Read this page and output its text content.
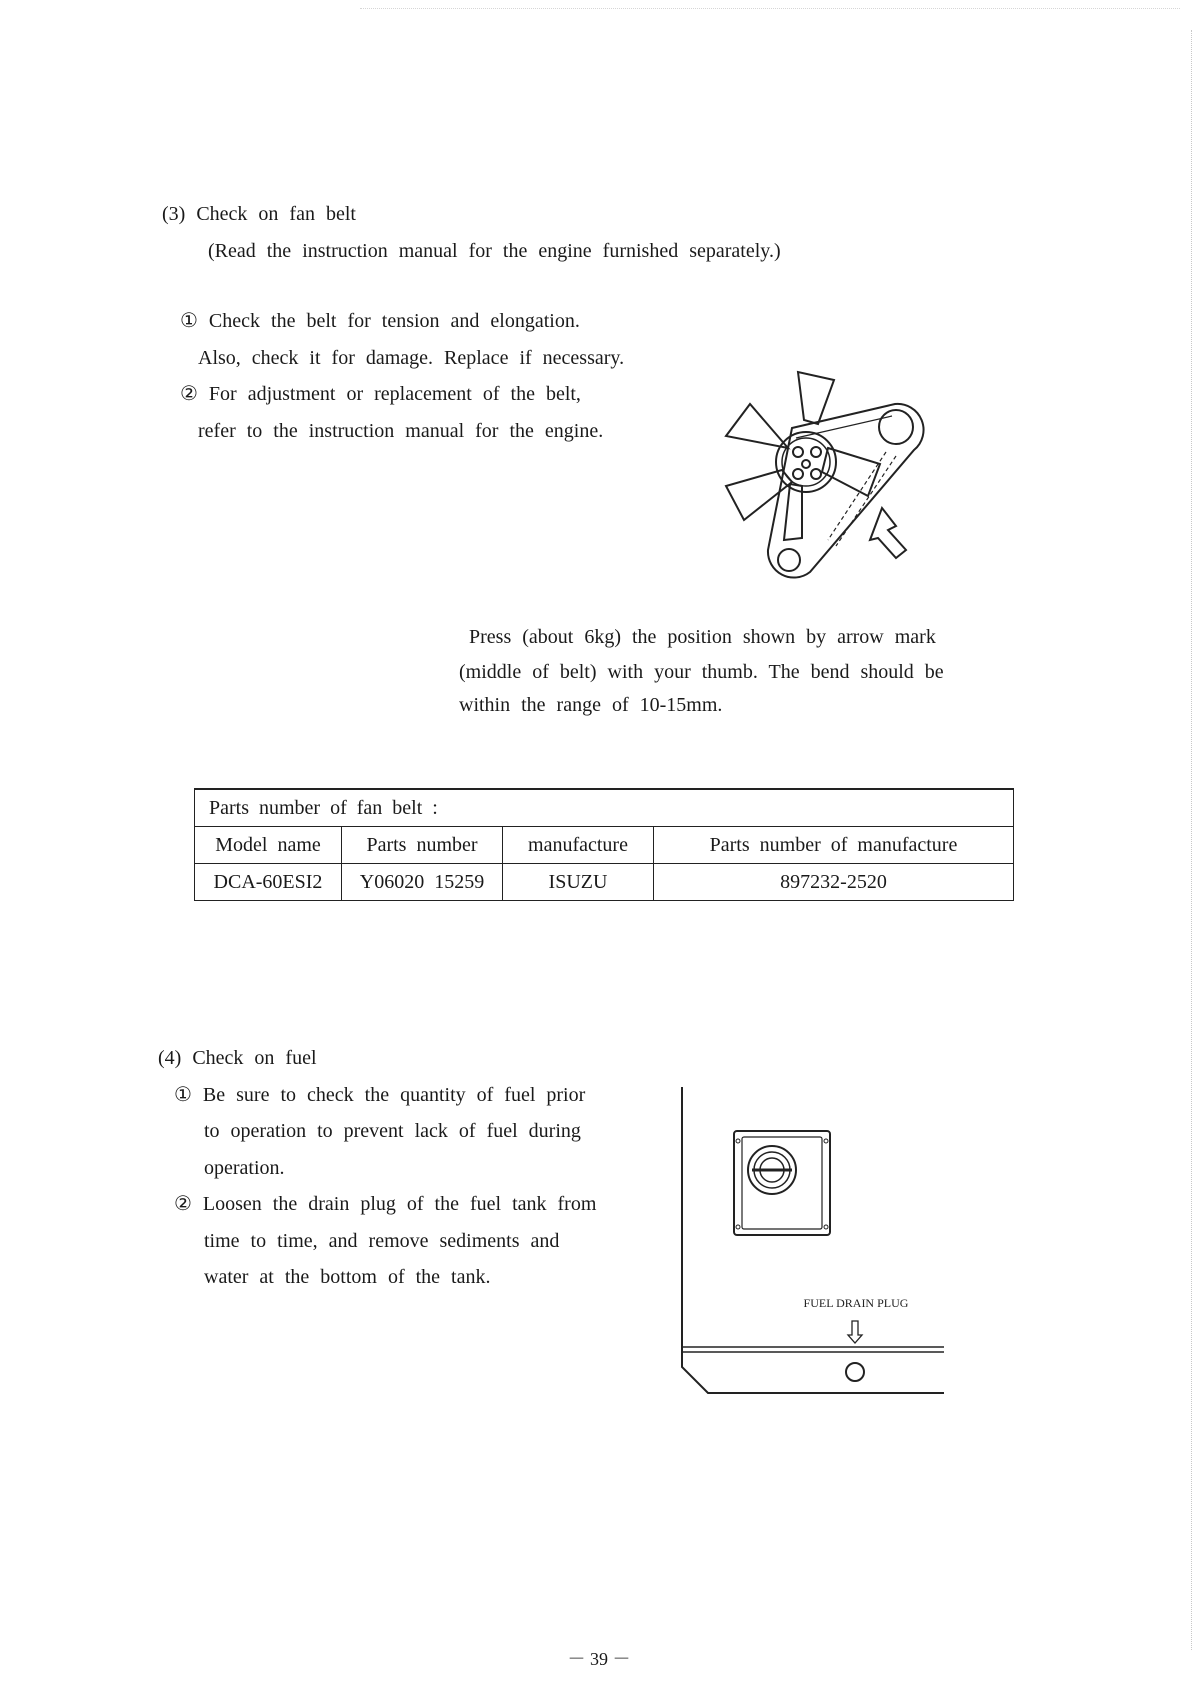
(3) Check on fan belt
(Read the instruction manual for the engine furnished separately.)
① Check the belt for tension and elongation.
Also, check it for damage. Replace if necessary.
② For adjustment or replacement of the belt,
refer to the instruction manual for the engine.
Press (about 6kg) the position shown by arrow mark
(middle of belt) with your thumb. The bend should be
within the range of 10-15mm.
Parts number of fan belt :			
Model name	Parts number	manufacture	Parts number of manufacture
DCA-60ESI2	Y06020 15259	ISUZU	897232-2520
(4) Check on fuel
① Be sure to check the quantity of fuel prior
to operation to prevent lack of fuel during
operation.
② Loosen the drain plug of the fuel tank from
time to time, and remove sediments and
water at the bottom of the tank.
FUEL DRAIN PLUG
－ 39 －
